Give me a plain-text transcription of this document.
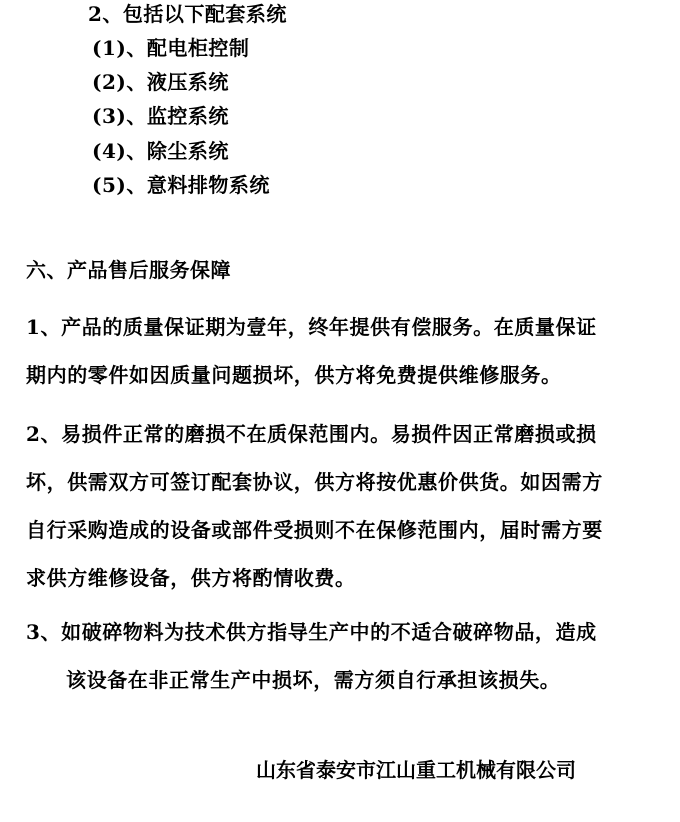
2、包括以下配套系统
(1)、配电柜控制
(2)、液压系统
(3)、监控系统
(4)、除尘系统
(5)、意料排物系统
六、产品售后服务保障

1、产品的质量保证期为壹年，终年提供有偿服务。在质量保证

期内的零件如因质量问题损坏，供方将免费提供维修服务。

2、易损件正常的磨损不在质保范围内。易损件因正常磨损或损

坏，供需双方可签订配套协议，供方将按优惠价供货。如因需方

自行采购造成的设备或部件受损则不在保修范围内，届时需方要

求供方维修设备，供方将酌情收费。

3、如破碎物料为技术供方指导生产中的不适合破碎物品，造成

该设备在非正常生产中损坏，需方须自行承担该损失。

山东省泰安市江山重工机械有限公司
